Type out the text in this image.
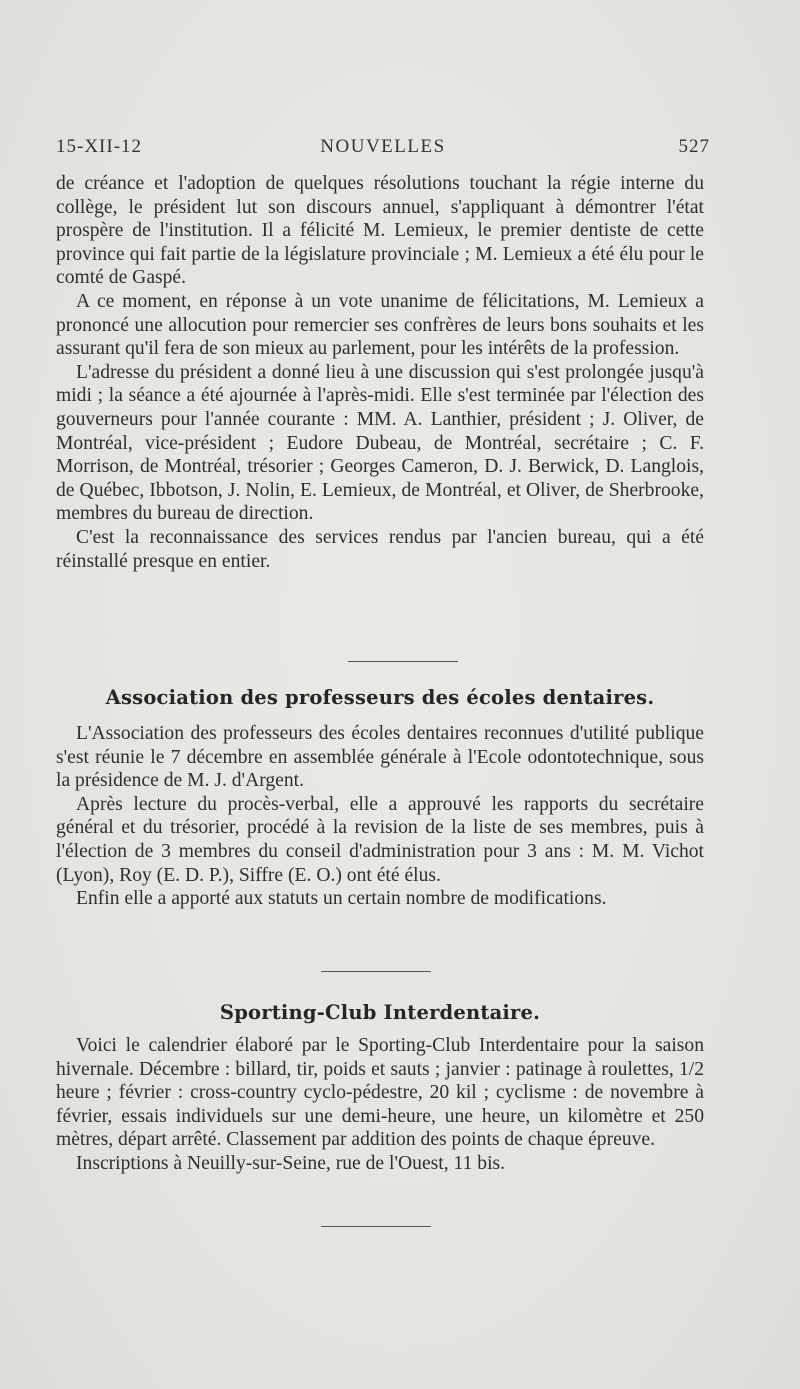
15-XII-12	NOUVELLES	527

de créance et l'adoption de quelques résolutions touchant la régie interne du collège, le président lut son discours annuel, s'appliquant à démontrer l'état prospère de l'institution. Il a félicité M. Lemieux, le premier dentiste de cette province qui fait partie de la législature provinciale ; M. Lemieux a été élu pour le comté de Gaspé.

A ce moment, en réponse à un vote unanime de félicitations, M. Lemieux a prononcé une allocution pour remercier ses confrères de leurs bons souhaits et les assurant qu'il fera de son mieux au parlement, pour les intérêts de la profession.

L'adresse du président a donné lieu à une discussion qui s'est prolongée jusqu'à midi ; la séance a été ajournée à l'après-midi. Elle s'est terminée par l'élection des gouverneurs pour l'année courante : MM. A. Lanthier, président ; J. Oliver, de Montréal, vice-président ; Eudore Dubeau, de Montréal, secrétaire ; C. F. Morrison, de Montréal, trésorier ; Georges Cameron, D. J. Berwick, D. Langlois, de Québec, Ibbotson, J. Nolin, E. Lemieux, de Montréal, et Oliver, de Sherbrooke, membres du bureau de direction.

C'est la reconnaissance des services rendus par l'ancien bureau, qui a été réinstallé presque en entier.

Association des professeurs des écoles dentaires.

L'Association des professeurs des écoles dentaires reconnues d'utilité publique s'est réunie le 7 décembre en assemblée générale à l'Ecole odontotechnique, sous la présidence de M. J. d'Argent.

Après lecture du procès-verbal, elle a approuvé les rapports du secrétaire général et du trésorier, procédé à la revision de la liste de ses membres, puis à l'élection de 3 membres du conseil d'administration pour 3 ans : M. M. Vichot (Lyon), Roy (E. D. P.), Siffre (E. O.) ont été élus.

Enfin elle a apporté aux statuts un certain nombre de modifications.

Sporting-Club Interdentaire.

Voici le calendrier élaboré par le Sporting-Club Interdentaire pour la saison hivernale. Décembre : billard, tir, poids et sauts ; janvier : patinage à roulettes, 1/2 heure ; février : cross-country cyclo-pédestre, 20 kil ; cyclisme : de novembre à février, essais individuels sur une demi-heure, une heure, un kilomètre et 250 mètres, départ arrêté. Classement par addition des points de chaque épreuve.

Inscriptions à Neuilly-sur-Seine, rue de l'Ouest, 11 bis.
